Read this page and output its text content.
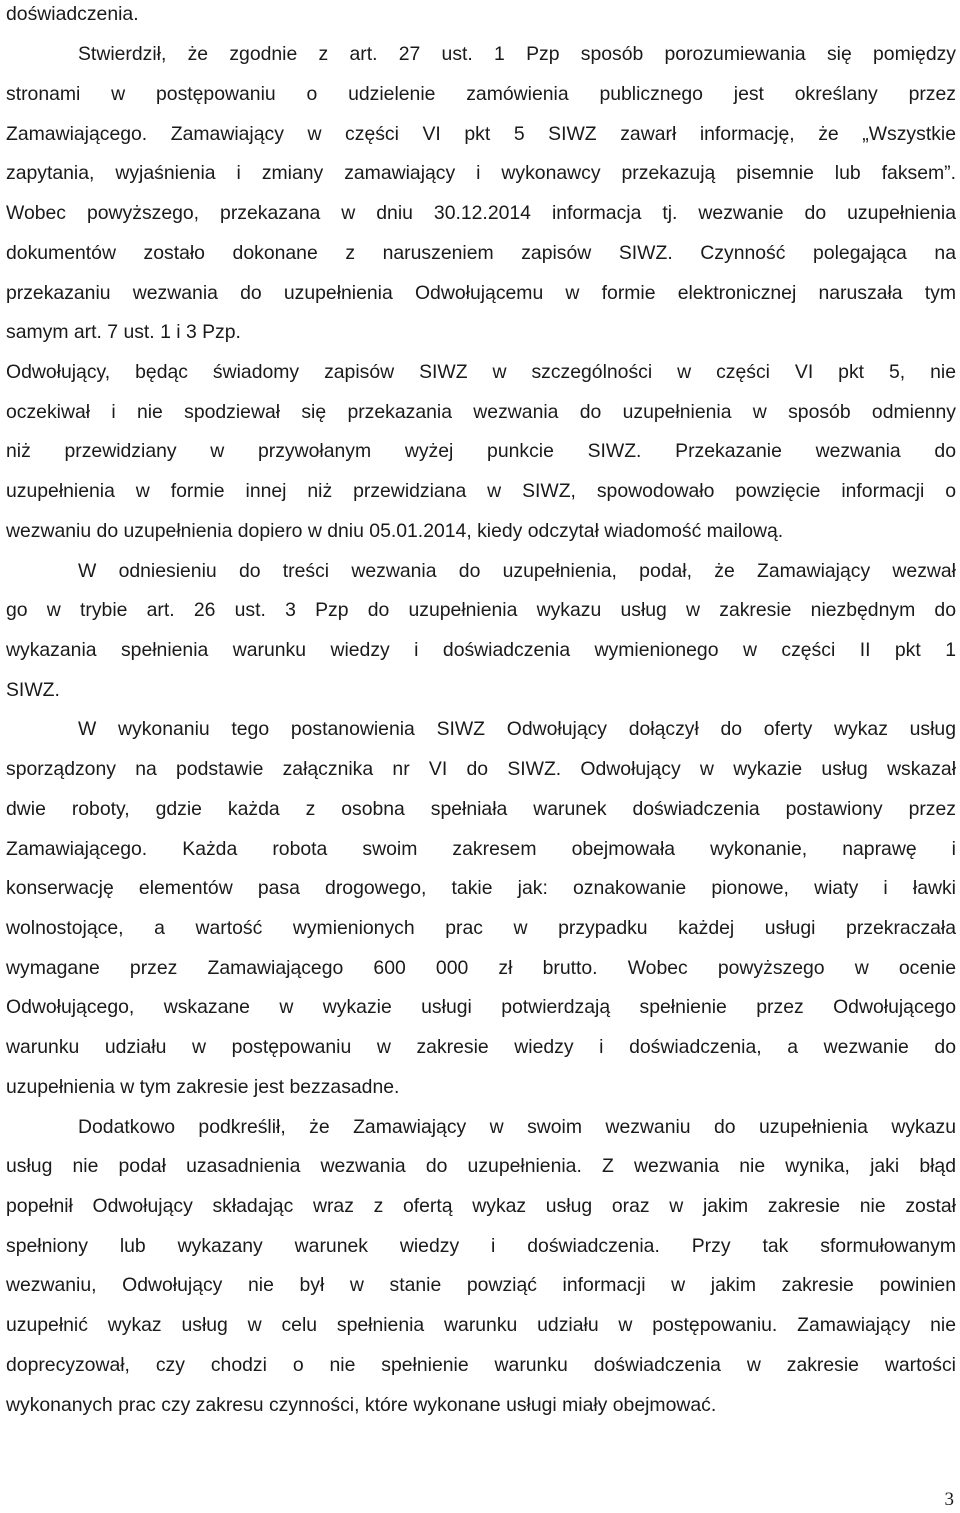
doświadczenia.
Stwierdził, że zgodnie z art. 27 ust. 1 Pzp sposób porozumiewania się pomiędzy
stronami w postępowaniu o udzielenie zamówienia publicznego jest określany przez
Zamawiającego. Zamawiający w części VI pkt 5 SIWZ zawarł informację, że „Wszystkie
zapytania, wyjaśnienia i zmiany zamawiający i wykonawcy przekazują pisemnie lub faksem”.
Wobec powyższego, przekazana w dniu 30.12.2014 informacja tj. wezwanie do uzupełnienia
dokumentów zostało dokonane z naruszeniem zapisów SIWZ. Czynność polegająca na
przekazaniu wezwania do uzupełnienia Odwołującemu w formie elektronicznej naruszała tym
samym art. 7 ust. 1 i 3 Pzp.
Odwołujący, będąc świadomy zapisów SIWZ w szczególności w części VI pkt 5, nie
oczekiwał i nie spodziewał się przekazania wezwania do uzupełnienia w sposób odmienny
niż przewidziany w przywołanym wyżej punkcie SIWZ. Przekazanie wezwania do
uzupełnienia w formie innej niż przewidziana w SIWZ, spowodowało powzięcie informacji o
wezwaniu do uzupełnienia dopiero w dniu 05.01.2014, kiedy odczytał wiadomość mailową.
W odniesieniu do treści wezwania do uzupełnienia, podał, że Zamawiający wezwał
go w trybie art. 26 ust. 3 Pzp do uzupełnienia wykazu usług w zakresie niezbędnym do
wykazania spełnienia warunku wiedzy i doświadczenia wymienionego w części II pkt 1
SIWZ.
W wykonaniu tego postanowienia SIWZ Odwołujący dołączył do oferty wykaz usług
sporządzony na podstawie załącznika nr VI do SIWZ. Odwołujący w wykazie usług wskazał
dwie roboty, gdzie każda z osobna spełniała warunek doświadczenia postawiony przez
Zamawiającego. Każda robota swoim zakresem obejmowała wykonanie, naprawę i
konserwację elementów pasa drogowego, takie jak: oznakowanie pionowe, wiaty i ławki
wolnostojące, a wartość wymienionych prac w przypadku każdej usługi przekraczała
wymagane przez Zamawiającego 600 000 zł brutto. Wobec powyższego w ocenie
Odwołującego, wskazane w wykazie usługi potwierdzają spełnienie przez Odwołującego
warunku udziału w postępowaniu w zakresie wiedzy i doświadczenia, a wezwanie do
uzupełnienia w tym zakresie jest bezzasadne.
Dodatkowo podkreślił, że Zamawiający w swoim wezwaniu do uzupełnienia wykazu
usług nie podał uzasadnienia wezwania do uzupełnienia. Z wezwania nie wynika, jaki błąd
popełnił Odwołujący składając wraz z ofertą wykaz usług oraz w jakim zakresie nie został
spełniony lub wykazany warunek wiedzy i doświadczenia. Przy tak sformułowanym
wezwaniu, Odwołujący nie był w stanie powziąć informacji w jakim zakresie powinien
uzupełnić wykaz usług w celu spełnienia warunku udziału w postępowaniu. Zamawiający nie
doprecyzował, czy chodzi o nie spełnienie warunku doświadczenia w zakresie wartości
wykonanych prac czy zakresu czynności, które wykonane usługi miały obejmować.
3
